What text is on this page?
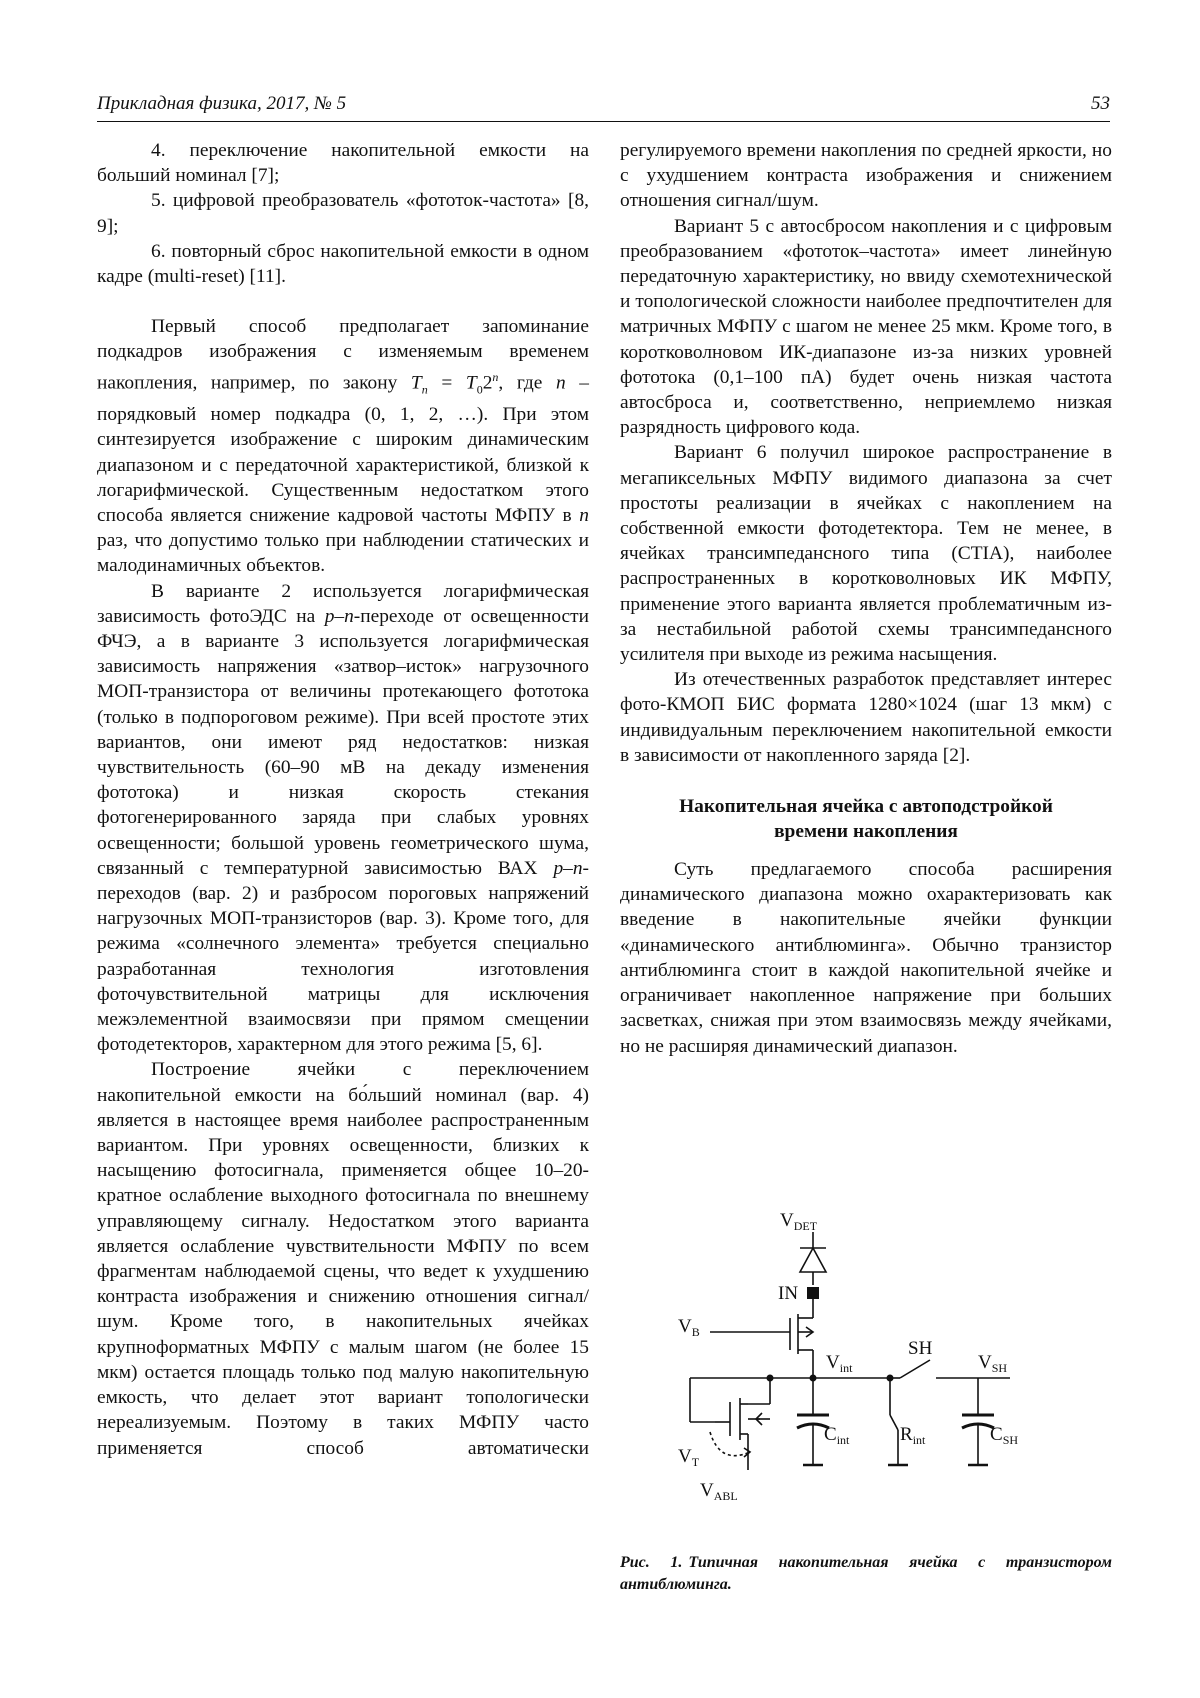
Прикладная физика, 2017, № 5	53

4. переключение накопительной емкости на больший номинал [7];

5. цифровой преобразователь «фототок-частота» [8, 9];

6. повторный сброс накопительной емкости в одном кадре (multi-reset) [11].

Первый способ предполагает запоминание подкадров изображения с изменяемым временем накопления, например, по закону $T_n = T_02^n$, где n – порядковый номер подкадра (0, 1, 2, …). При этом синтезируется изображение с широким динамическим диапазоном и с передаточной характеристикой, близкой к логарифмической. Существенным недостатком этого способа является снижение кадровой частоты МФПУ в n раз, что допустимо только при наблюдении статических и малодинамичных объектов.

В варианте 2 используется логарифмическая зависимость фотоЭДС на p–n-переходе от освещенности ФЧЭ, а в варианте 3 используется логарифмическая зависимость напряжения «затвор–исток» нагрузочного МОП-транзистора от величины протекающего фототока (только в подпороговом режиме). При всей простоте этих вариантов, они имеют ряд недостатков: низкая чувствительность (60–90 мВ на декаду изменения фототока) и низкая скорость стекания фотогенерированного заряда при слабых уровнях освещенности; большой уровень геометрического шума, связанный с температурной зависимостью ВАХ p–n-переходов (вар. 2) и разбросом пороговых напряжений нагрузочных МОП-транзисторов (вар. 3). Кроме того, для режима «солнечного элемента» требуется специально разработанная технология изготовления фоточувствительной матрицы для исключения межэлементной взаимосвязи при прямом смещении фотодетекторов, характерном для этого режима [5, 6].

Построение ячейки с переключением накопительной емкости на бо́льший номинал (вар. 4) является в настоящее время наиболее распространенным вариантом. При уровнях освещенности, близких к насыщению фотосигнала, применяется общее 10–20-кратное ослабление выходного фотосигнала по внешнему управляющему сигналу. Недостатком этого варианта является ослабление чувствительности МФПУ по всем фрагментам наблюдаемой сцены, что ведет к ухудшению контраста изображения и снижению отношения сигнал/шум. Кроме того, в накопительных ячейках крупноформатных МФПУ с малым шагом (не более 15 мкм) остается площадь только под малую накопительную емкость, что делает этот вариант топологически нереализуемым. Поэтому в таких МФПУ часто применяется способ автоматически

регулируемого времени накопления по средней яркости, но с ухудшением контраста изображения и снижением отношения сигнал/шум.

Вариант 5 с автосбросом накопления и с цифровым преобразованием «фототок–частота» имеет линейную передаточную характеристику, но ввиду схемотехнической и топологической сложности наиболее предпочтителен для матричных МФПУ с шагом не менее 25 мкм. Кроме того, в коротковолновом ИК-диапазоне из-за низких уровней фототока (0,1–100 пА) будет очень низкая частота автосброса и, соответственно, неприемлемо низкая разрядность цифрового кода.

Вариант 6 получил широкое распространение в мегапиксельных МФПУ видимого диапазона за счет простоты реализации в ячейках с накоплением на собственной емкости фотодетектора. Тем не менее, в ячейках трансимпедансного типа (CTIA), наиболее распространенных в коротковолновых ИК МФПУ, применение этого варианта является проблематичным из-за нестабильной работой схемы трансимпедансного усилителя при выходе из режима насыщения.

Из отечественных разработок представляет интерес фото-КМОП БИС формата 1280×1024 (шаг 13 мкм) с индивидуальным переключением накопительной емкости в зависимости от накопленного заряда [2].

Накопительная ячейка с автоподстройкой
времени накопления

Суть предлагаемого способа расширения динамического диапазона можно охарактеризовать как введение в накопительные ячейки функции «динамического антиблюминга». Обычно транзистор антиблюминга стоит в каждой накопительной ячейке и ограничивает накопленное напряжение при больших засветках, снижая при этом взаимосвязь между ячейками, но не расширяя динамический диапазон.

$V_{DET}$
IN
$V_B$
$V_{int}$
SH
$V_{SH}$
$C_{int}$	$R_{int}$	$C_{SH}$
$V_T$
$V_{ABL}$
Рис. 1. Типичная накопительная ячейка с транзистором антиблюминга.
